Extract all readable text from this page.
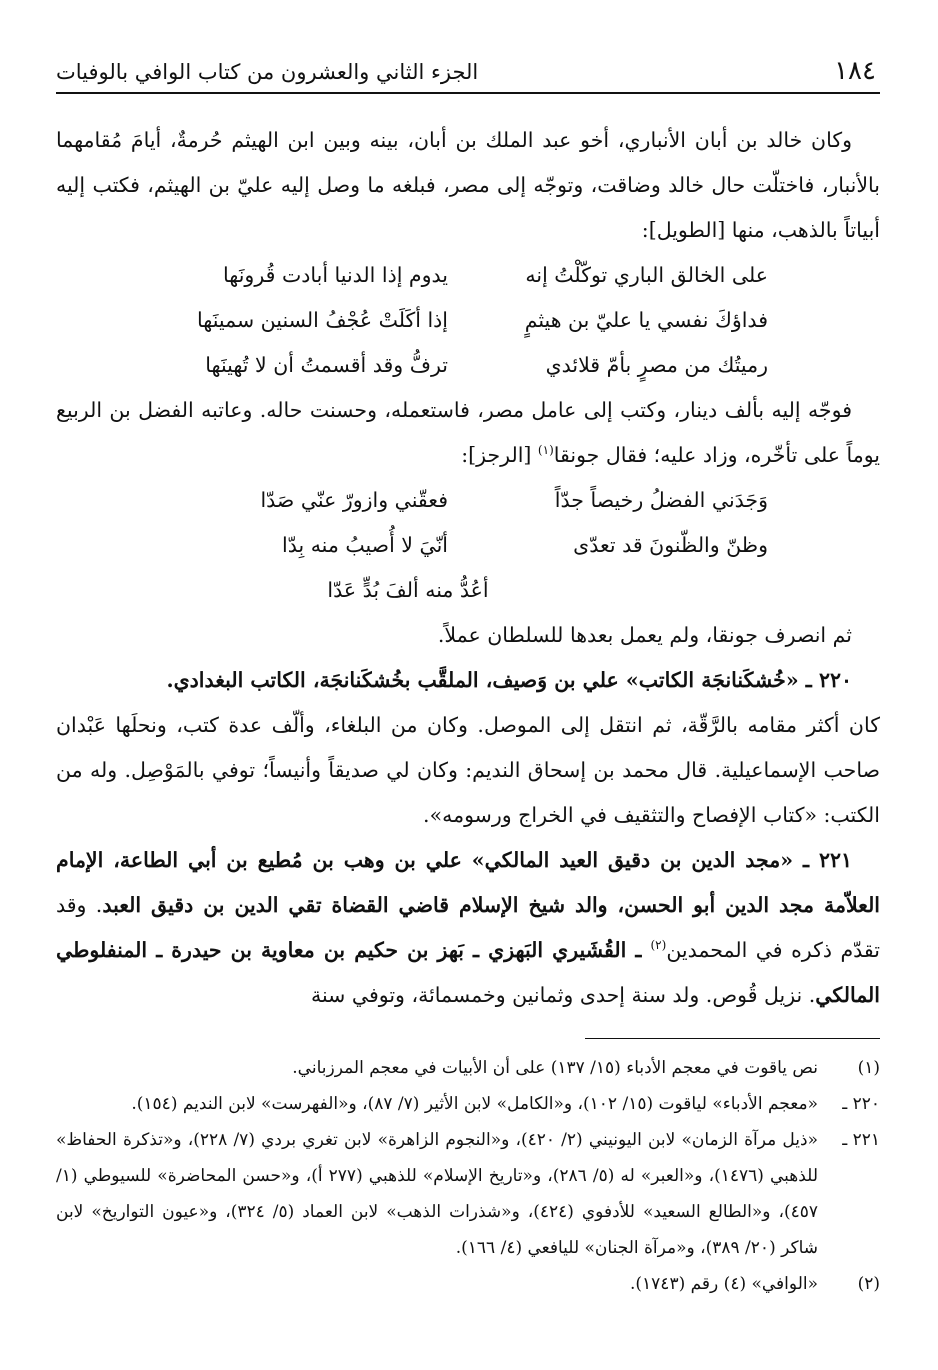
١٨٤
الجزء الثاني والعشرون من كتاب الوافي بالوفيات

وكان خالد بن أبان الأنباري، أخو عبد الملك بن أبان، بينه وبين ابن الهيثم حُرمةٌ، أيامَ مُقامهما بالأنبار، فاختلّت حال خالد وضاقت، وتوجّه إلى مصر، فبلغه ما وصل إليه عليّ بن الهيثم، فكتب إليه أبياتاً بالذهب، منها [الطويل]:

على الخالق الباري توكّلْتُ إنه
يدوم إذا الدنيا أبادت قُرونَها
فداؤكَ نفسي يا عليّ بن هيثمٍ
إذا أكَلَتْ عُجْفُ السنين سمينَها
رميتُك من مصرٍ بأمّ قلائدي
ترفُّ وقد أقسمتُ أن لا تُهينَها

فوجّه إليه بألف دينار، وكتب إلى عامل مصر، فاستعمله، وحسنت حاله. وعاتبه الفضل بن الربيع يوماً على تأخّره، وزاد عليه؛ فقال جونقا$^{(١)}$ [الرجز]:

وَجَدَني الفضلُ رخيصاً جدّاً
فعقّني وازورّ عنّي صَدّا
وظنّ والظّنونَ قد تعدّى
أنّيَ لا أُصيبُ منه بِدّا

أعُدُّ منه ألفَ بُدٍّ عَدّا

ثم انصرف جونقا، ولم يعمل بعدها للسلطان عملاً.

٢٢٠ ـ «خُشكَنانجَة الكاتب» علي بن وَصيف، الملقَّب بخُشكَنانجَة، الكاتب البغدادي.

كان أكثر مقامه بالرَّقّة، ثم انتقل إلى الموصل. وكان من البلغاء، وألّف عدة كتب، ونحلَها عَبْدان صاحب الإسماعيلية. قال محمد بن إسحاق النديم: وكان لي صديقاً وأنيساً؛ توفي بالمَوْصِل. وله من الكتب: «كتاب الإفصاح والتثقيف في الخراج ورسومه».

٢٢١ ـ «مجد الدين بن دقيق العيد المالكي» علي بن وهب بن مُطيع بن أبي الطاعة، الإمام العلاّمة مجد الدين أبو الحسن، والد شيخ الإسلام قاضي القضاة تقي الدين بن دقيق العبد. وقد تقدّم ذكره في المحمدين$^{(٢)}$ ـ القُشَيري البَهزي ـ بَهز بن حكيم بن معاوية بن حيدرة ـ المنفلوطي المالكي. نزيل قُوص. ولد سنة إحدى وثمانين وخمسمائة، وتوفي سنة

(١)
نص ياقوت في معجم الأدباء (١٥/ ١٣٧) على أن الأبيات في معجم المرزباني.
٢٢٠ ـ
«معجم الأدباء» لياقوت (١٥/ ١٠٢)، و«الكامل» لابن الأثير (٧/ ٨٧)، و«الفهرست» لابن النديم (١٥٤).
٢٢١ ـ
«ذيل مرآة الزمان» لابن اليونيني (٢/ ٤٢٠)، و«النجوم الزاهرة» لابن تغري بردي (٧/ ٢٢٨)، و«تذكرة الحفاظ» للذهبي (١٤٧٦)، و«العبر» له (٥/ ٢٨٦)، و«تاريخ الإسلام» للذهبي (٢٧٧ أ)، و«حسن المحاضرة» للسيوطي (١/ ٤٥٧)، و«الطالع السعيد» للأدفوي (٤٢٤)، و«شذرات الذهب» لابن العماد (٥/ ٣٢٤)، و«عيون التواريخ» لابن شاكر (٢٠/ ٣٨٩)، و«مرآة الجنان» لليافعي (٤/ ١٦٦).
(٢)
«الوافي» (٤) رقم (١٧٤٣).
